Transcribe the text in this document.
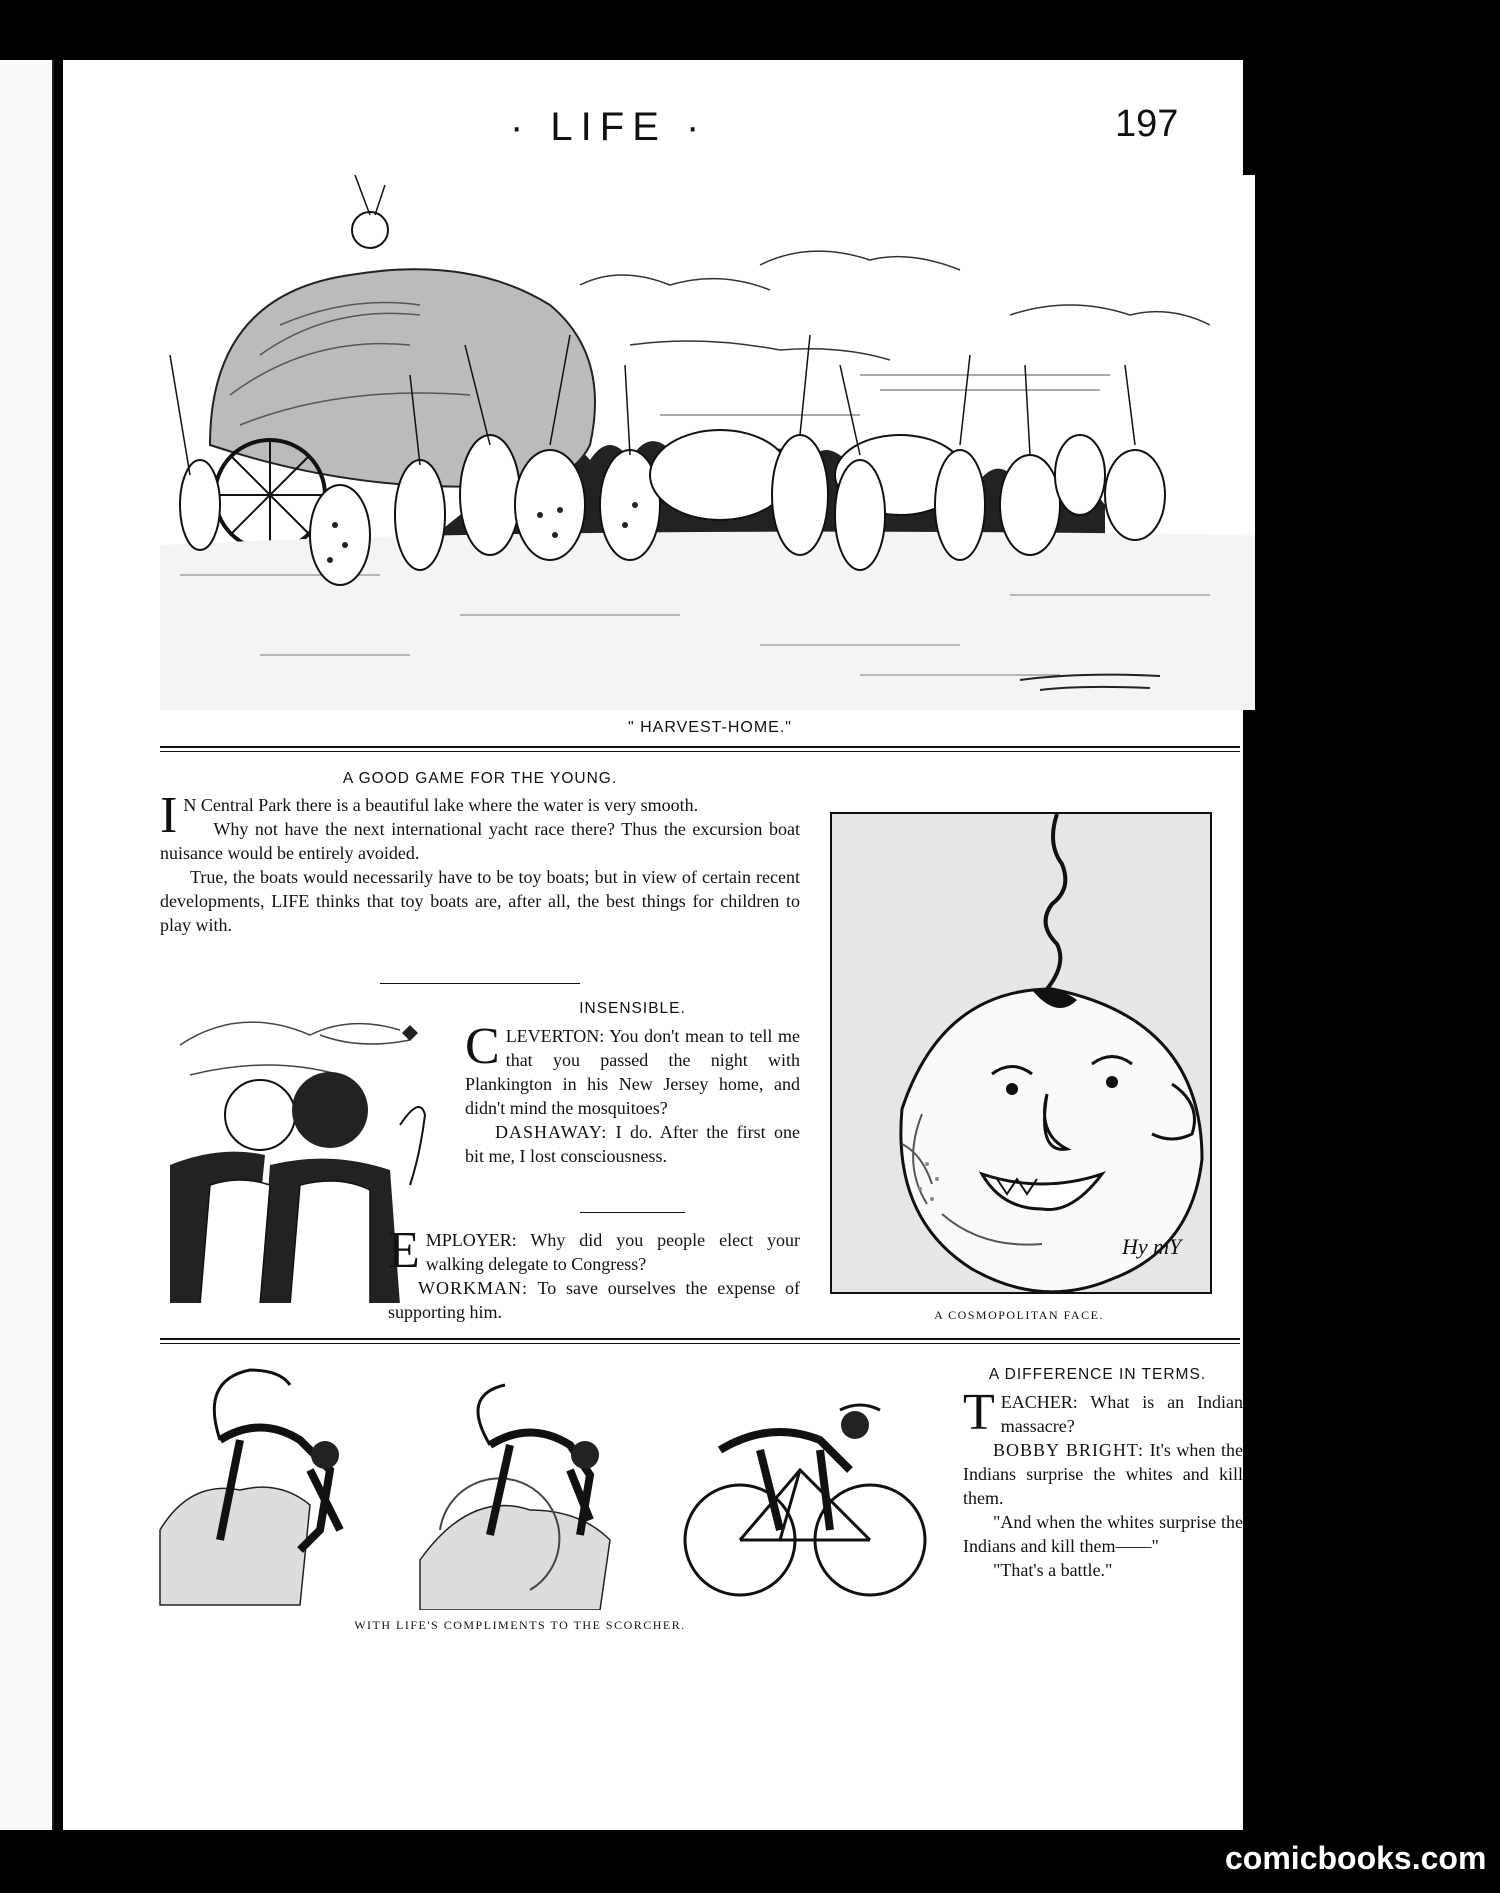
· LIFE ·	197
" HARVEST-HOME."
A GOOD GAME FOR THE YOUNG.

I N Central Park there is a beautiful lake where the water is very smooth.

Why not have the next international yacht race there? Thus the excursion boat nuisance would be entirely avoided.

True, the boats would necessarily have to be toy boats; but in view of certain recent developments, LIFE thinks that toy boats are, after all, the best things for children to play with.

INSENSIBLE.

C LEVERTON: You don't mean to tell me that you passed the night with Plankington in his New Jersey home, and didn't mind the mosquitoes?

DASHAWAY: I do. After the first one bit me, I lost consciousness.

E MPLOYER: Why did you people elect your walking delegate to Congress?

WORKMAN: To save ourselves the expense of supporting him.

Hy mY
A COSMOPOLITAN FACE.
WITH LIFE'S COMPLIMENTS TO THE SCORCHER.
A DIFFERENCE IN TERMS.

T EACHER: What is an Indian massacre?

BOBBY BRIGHT: It's when the Indians surprise the whites and kill them.

"And when the whites surprise the Indians and kill them——"

"That's a battle."

comicbooks.com
